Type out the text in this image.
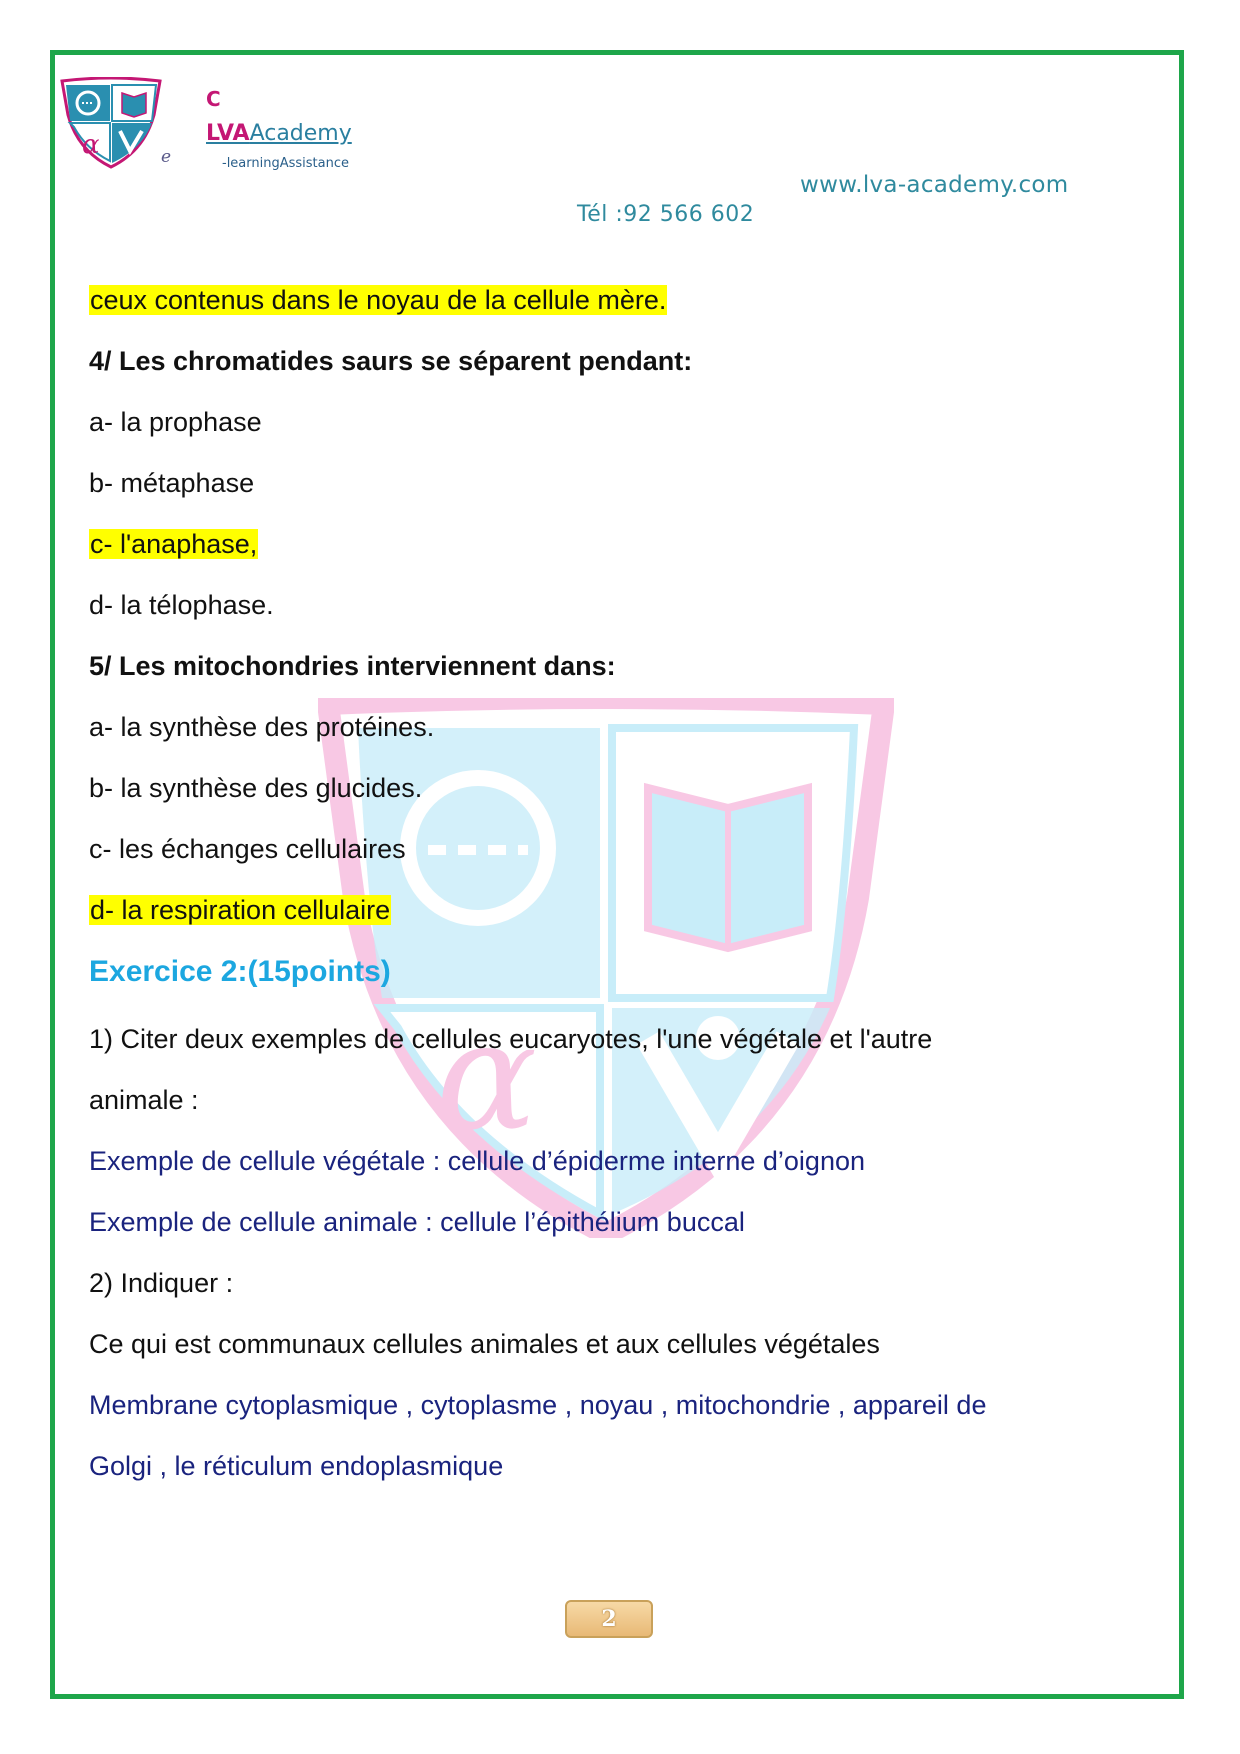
α	e
C
LVAAcademy
-learningAssistance
www.lva-academy.com
Tél :92 566 602
α
ceux contenus dans le noyau de la cellule mère.
4/ Les chromatides saurs se séparent pendant:
a- la prophase
b- métaphase
c- l'anaphase,
d- la télophase.
5/ Les mitochondries interviennent dans:
a- la synthèse des protéines.
b- la synthèse des glucides.
c- les échanges cellulaires
d- la respiration cellulaire
Exercice 2:(15points)
1) Citer deux exemples de cellules eucaryotes, l'une végétale et l'autre
animale :
Exemple de cellule végétale : cellule d’épiderme interne d’oignon
Exemple de cellule animale : cellule l’épithélium buccal
2) Indiquer :
Ce qui est communaux cellules animales et aux cellules végétales
Membrane cytoplasmique , cytoplasme , noyau , mitochondrie , appareil de
Golgi , le réticulum endoplasmique
2
